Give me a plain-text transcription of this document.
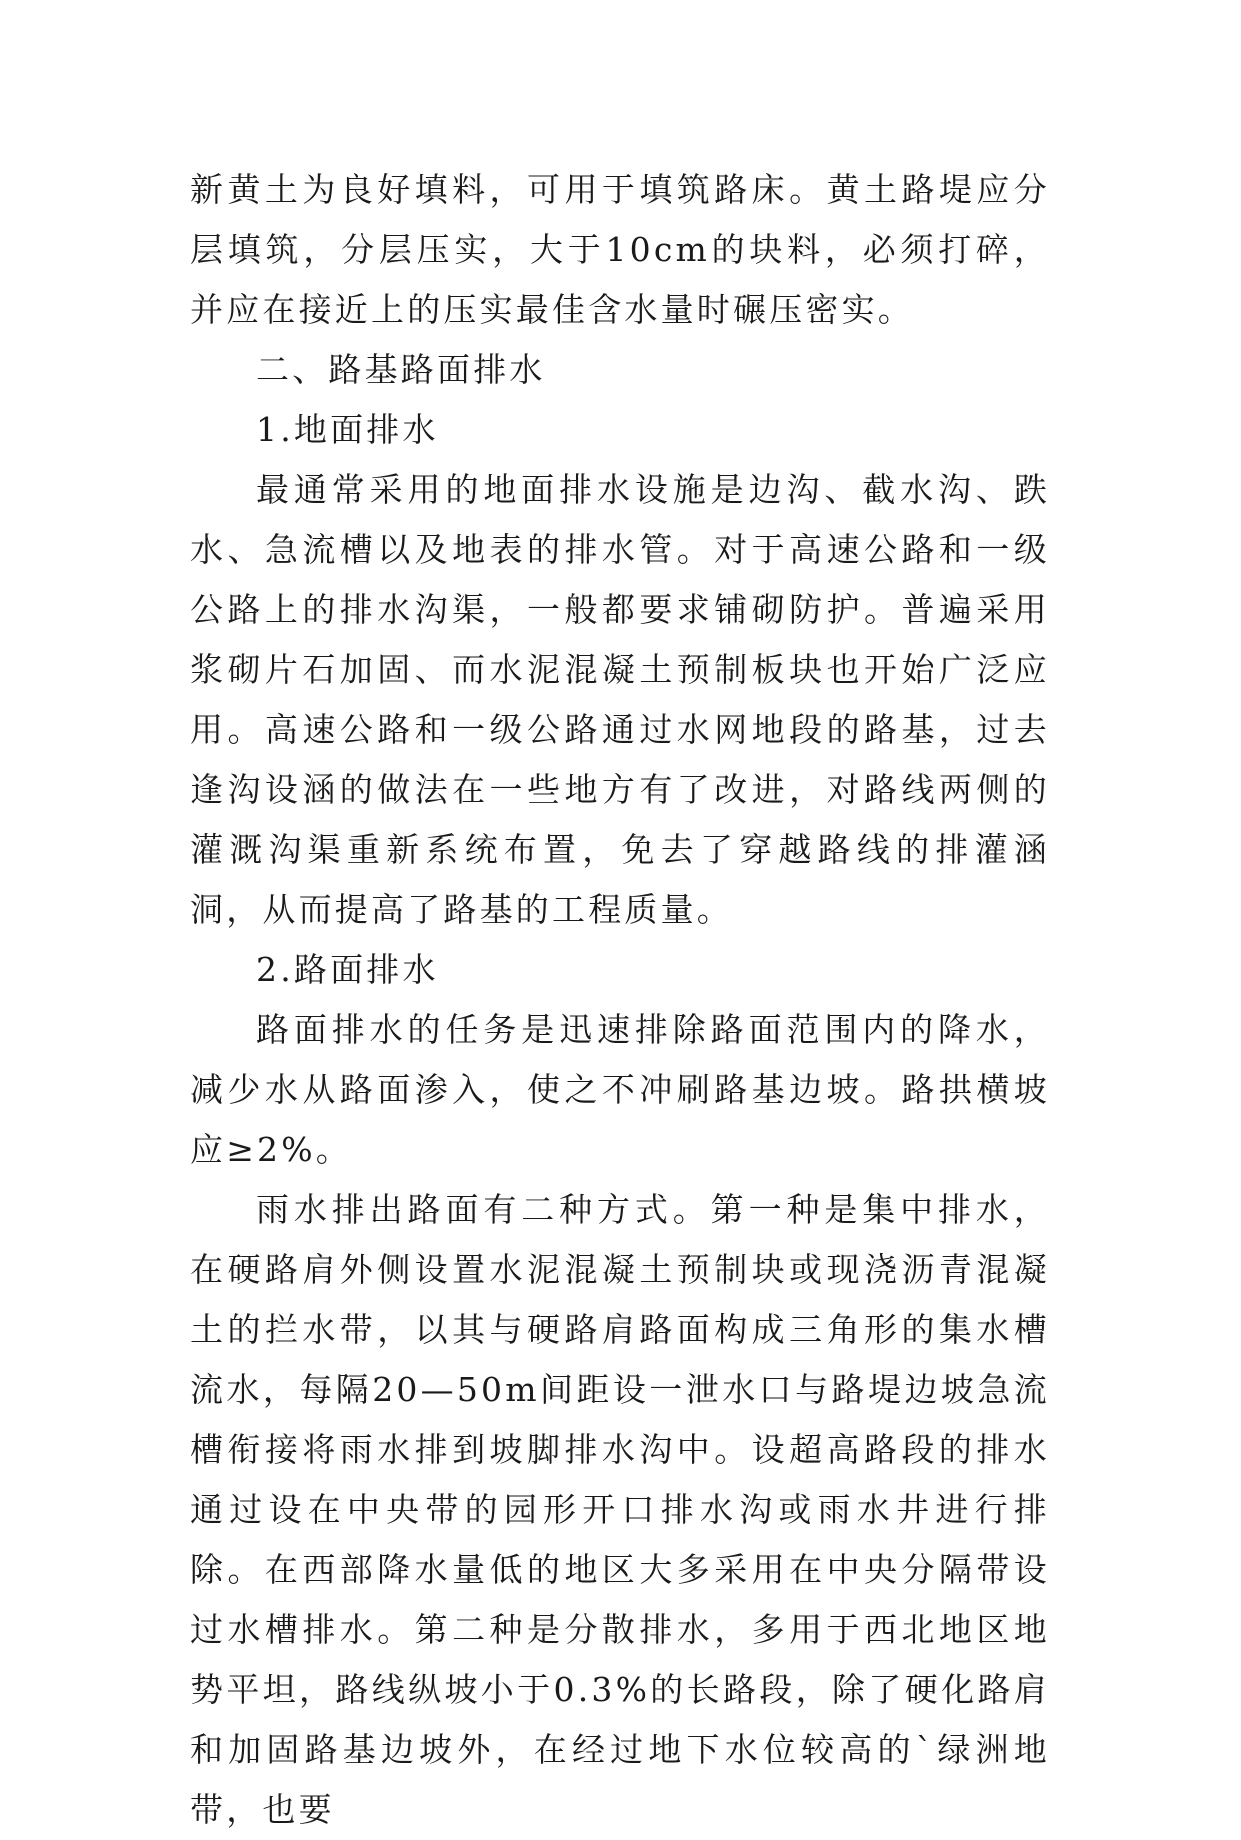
新黄土为良好填料，可用于填筑路床。黄土路堤应分层填筑，分层压实，大于10cm的块料，必须打碎，并应在接近上的压实最佳含水量时碾压密实。

二、路基路面排水

1.地面排水

最通常采用的地面排水设施是边沟、截水沟、跌水、急流槽以及地表的排水管。对于高速公路和一级公路上的排水沟渠，一般都要求铺砌防护。普遍采用浆砌片石加固、而水泥混凝土预制板块也开始广泛应用。高速公路和一级公路通过水网地段的路基，过去逢沟设涵的做法在一些地方有了改进，对路线两侧的灌溉沟渠重新系统布置，免去了穿越路线的排灌涵洞，从而提高了路基的工程质量。

2.路面排水

路面排水的任务是迅速排除路面范围内的降水，减少水从路面渗入，使之不冲刷路基边坡。路拱横坡应≥2%。

雨水排出路面有二种方式。第一种是集中排水，在硬路肩外侧设置水泥混凝土预制块或现浇沥青混凝土的拦水带，以其与硬路肩路面构成三角形的集水槽流水，每隔20—50m间距设一泄水口与路堤边坡急流槽衔接将雨水排到坡脚排水沟中。设超高路段的排水通过设在中央带的园形开口排水沟或雨水井进行排除。在西部降水量低的地区大多采用在中央分隔带设过水槽排水。第二种是分散排水，多用于西北地区地势平坦，路线纵坡小于0.3%的长路段，除了硬化路肩和加固路基边坡外，在经过地下水位较高的`绿洲地带，也要
